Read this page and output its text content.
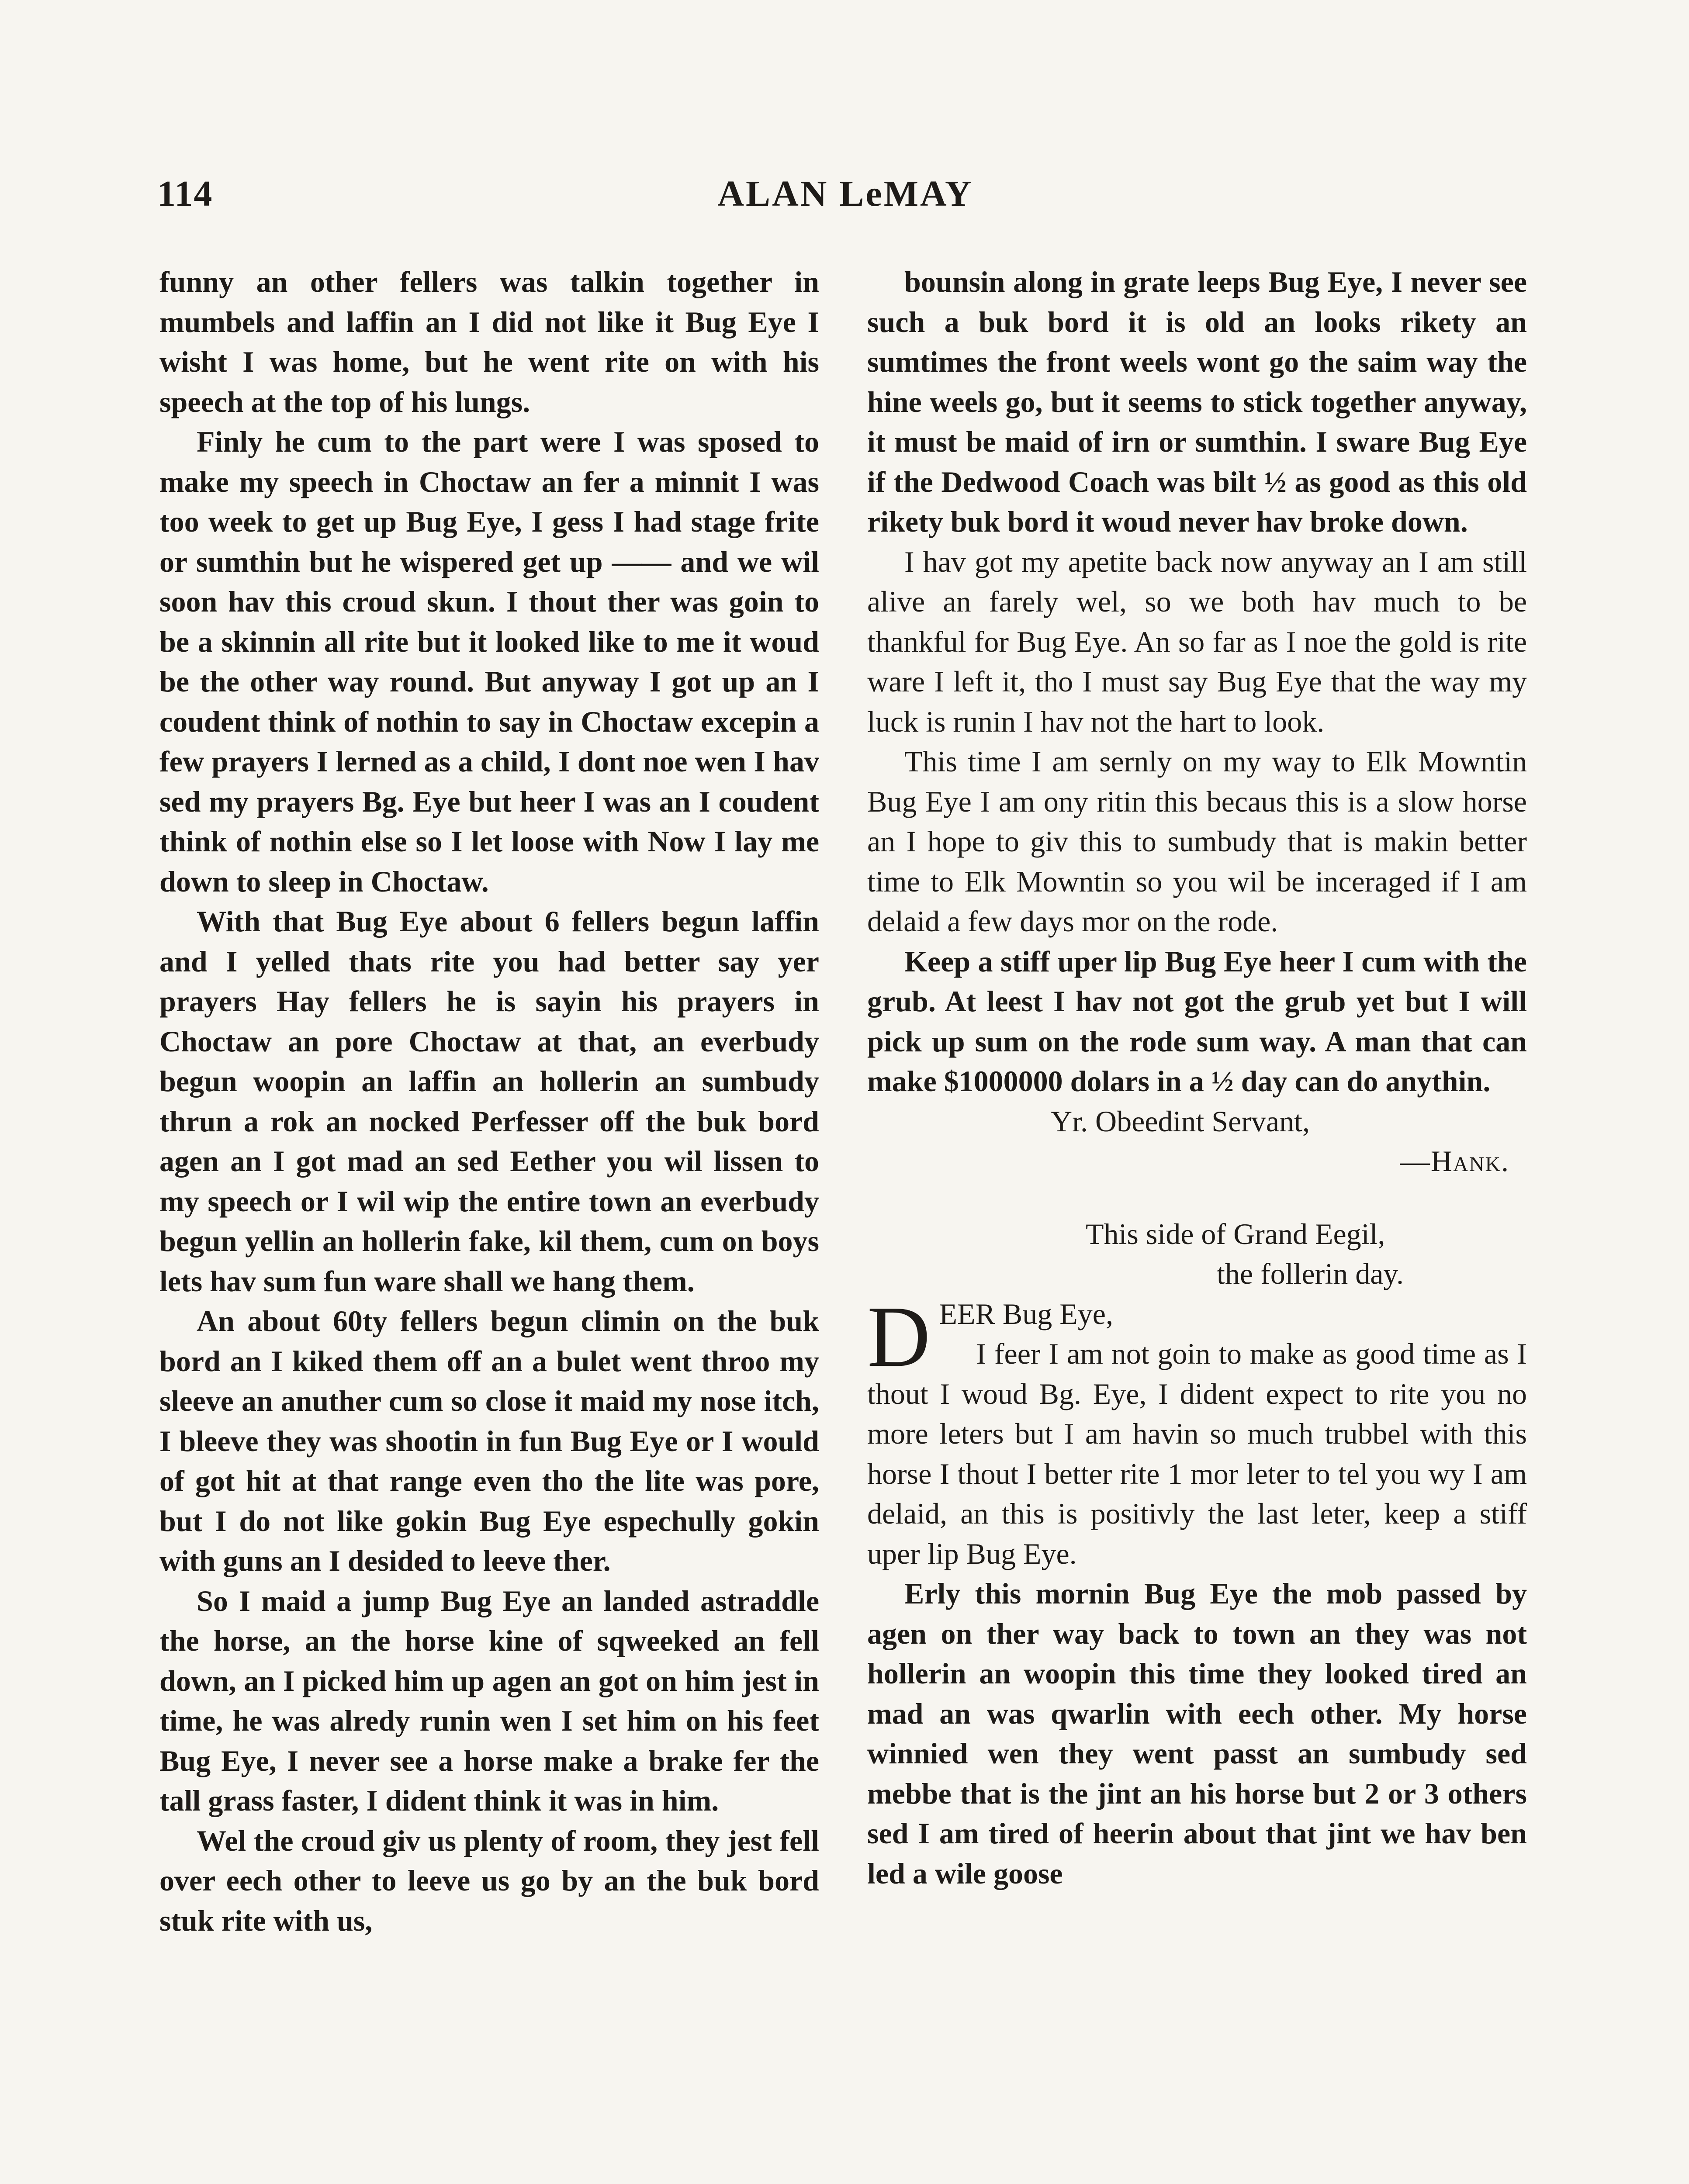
114	ALAN LeMAY

funny an other fellers was talkin together in mumbels and laffin an I did not like it Bug Eye I wisht I was home, but he went rite on with his speech at the top of his lungs.

Finly he cum to the part were I was sposed to make my speech in Choctaw an fer a minnit I was too week to get up Bug Eye, I gess I had stage frite or sumthin but he wispered get up —— and we wil soon hav this croud skun. I thout ther was goin to be a skinnin all rite but it looked like to me it woud be the other way round. But anyway I got up an I coudent think of nothin to say in Choctaw excepin a few prayers I lerned as a child, I dont noe wen I hav sed my prayers Bg. Eye but heer I was an I coudent think of nothin else so I let loose with Now I lay me down to sleep in Choctaw.

With that Bug Eye about 6 fellers begun laffin and I yelled thats rite you had better say yer prayers Hay fellers he is sayin his prayers in Choctaw an pore Choctaw at that, an everbudy begun woopin an laffin an hollerin an sumbudy thrun a rok an nocked Perfesser off the buk bord agen an I got mad an sed Eether you wil lissen to my speech or I wil wip the entire town an everbudy begun yellin an hollerin fake, kil them, cum on boys lets hav sum fun ware shall we hang them.

An about 60ty fellers begun climin on the buk bord an I kiked them off an a bulet went throo my sleeve an anuther cum so close it maid my nose itch, I bleeve they was shootin in fun Bug Eye or I would of got hit at that range even tho the lite was pore, but I do not like gokin Bug Eye espechully gokin with guns an I desided to leeve ther.

So I maid a jump Bug Eye an landed astraddle the horse, an the horse kine of sqweeked an fell down, an I picked him up agen an got on him jest in time, he was alredy runin wen I set him on his feet Bug Eye, I never see a horse make a brake fer the tall grass faster, I dident think it was in him.

Wel the croud giv us plenty of room, they jest fell over eech other to leeve us go by an the buk bord stuk rite with us,

bounsin along in grate leeps Bug Eye, I never see such a buk bord it is old an looks rikety an sumtimes the front weels wont go the saim way the hine weels go, but it seems to stick together anyway, it must be maid of irn or sumthin. I sware Bug Eye if the Dedwood Coach was bilt ½ as good as this old rikety buk bord it woud never hav broke down.

I hav got my apetite back now anyway an I am still alive an farely wel, so we both hav much to be thankful for Bug Eye. An so far as I noe the gold is rite ware I left it, tho I must say Bug Eye that the way my luck is runin I hav not the hart to look.

This time I am sernly on my way to Elk Mowntin Bug Eye I am ony ritin this becaus this is a slow horse an I hope to giv this to sumbudy that is makin better time to Elk Mowntin so you wil be inceraged if I am delaid a few days mor on the rode.

Keep a stiff uper lip Bug Eye heer I cum with the grub. At leest I hav not got the grub yet but I will pick up sum on the rode sum way. A man that can make $1000000 dolars in a ½ day can do anythin.

Yr. Obeedint Servant,

—Hank.

This side of Grand Eegil,

the follerin day.

DEER Bug Eye,
I feer I am not goin to make as good time as I thout I woud Bg. Eye, I dident expect to rite you no more leters but I am havin so much trubbel with this horse I thout I better rite 1 mor leter to tel you wy I am delaid, an this is positivly the last leter, keep a stiff uper lip Bug Eye.

Erly this mornin Bug Eye the mob passed by agen on ther way back to town an they was not hollerin an woopin this time they looked tired an mad an was qwarlin with eech other. My horse winnied wen they went passt an sumbudy sed mebbe that is the jint an his horse but 2 or 3 others sed I am tired of heerin about that jint we hav ben led a wile goose
